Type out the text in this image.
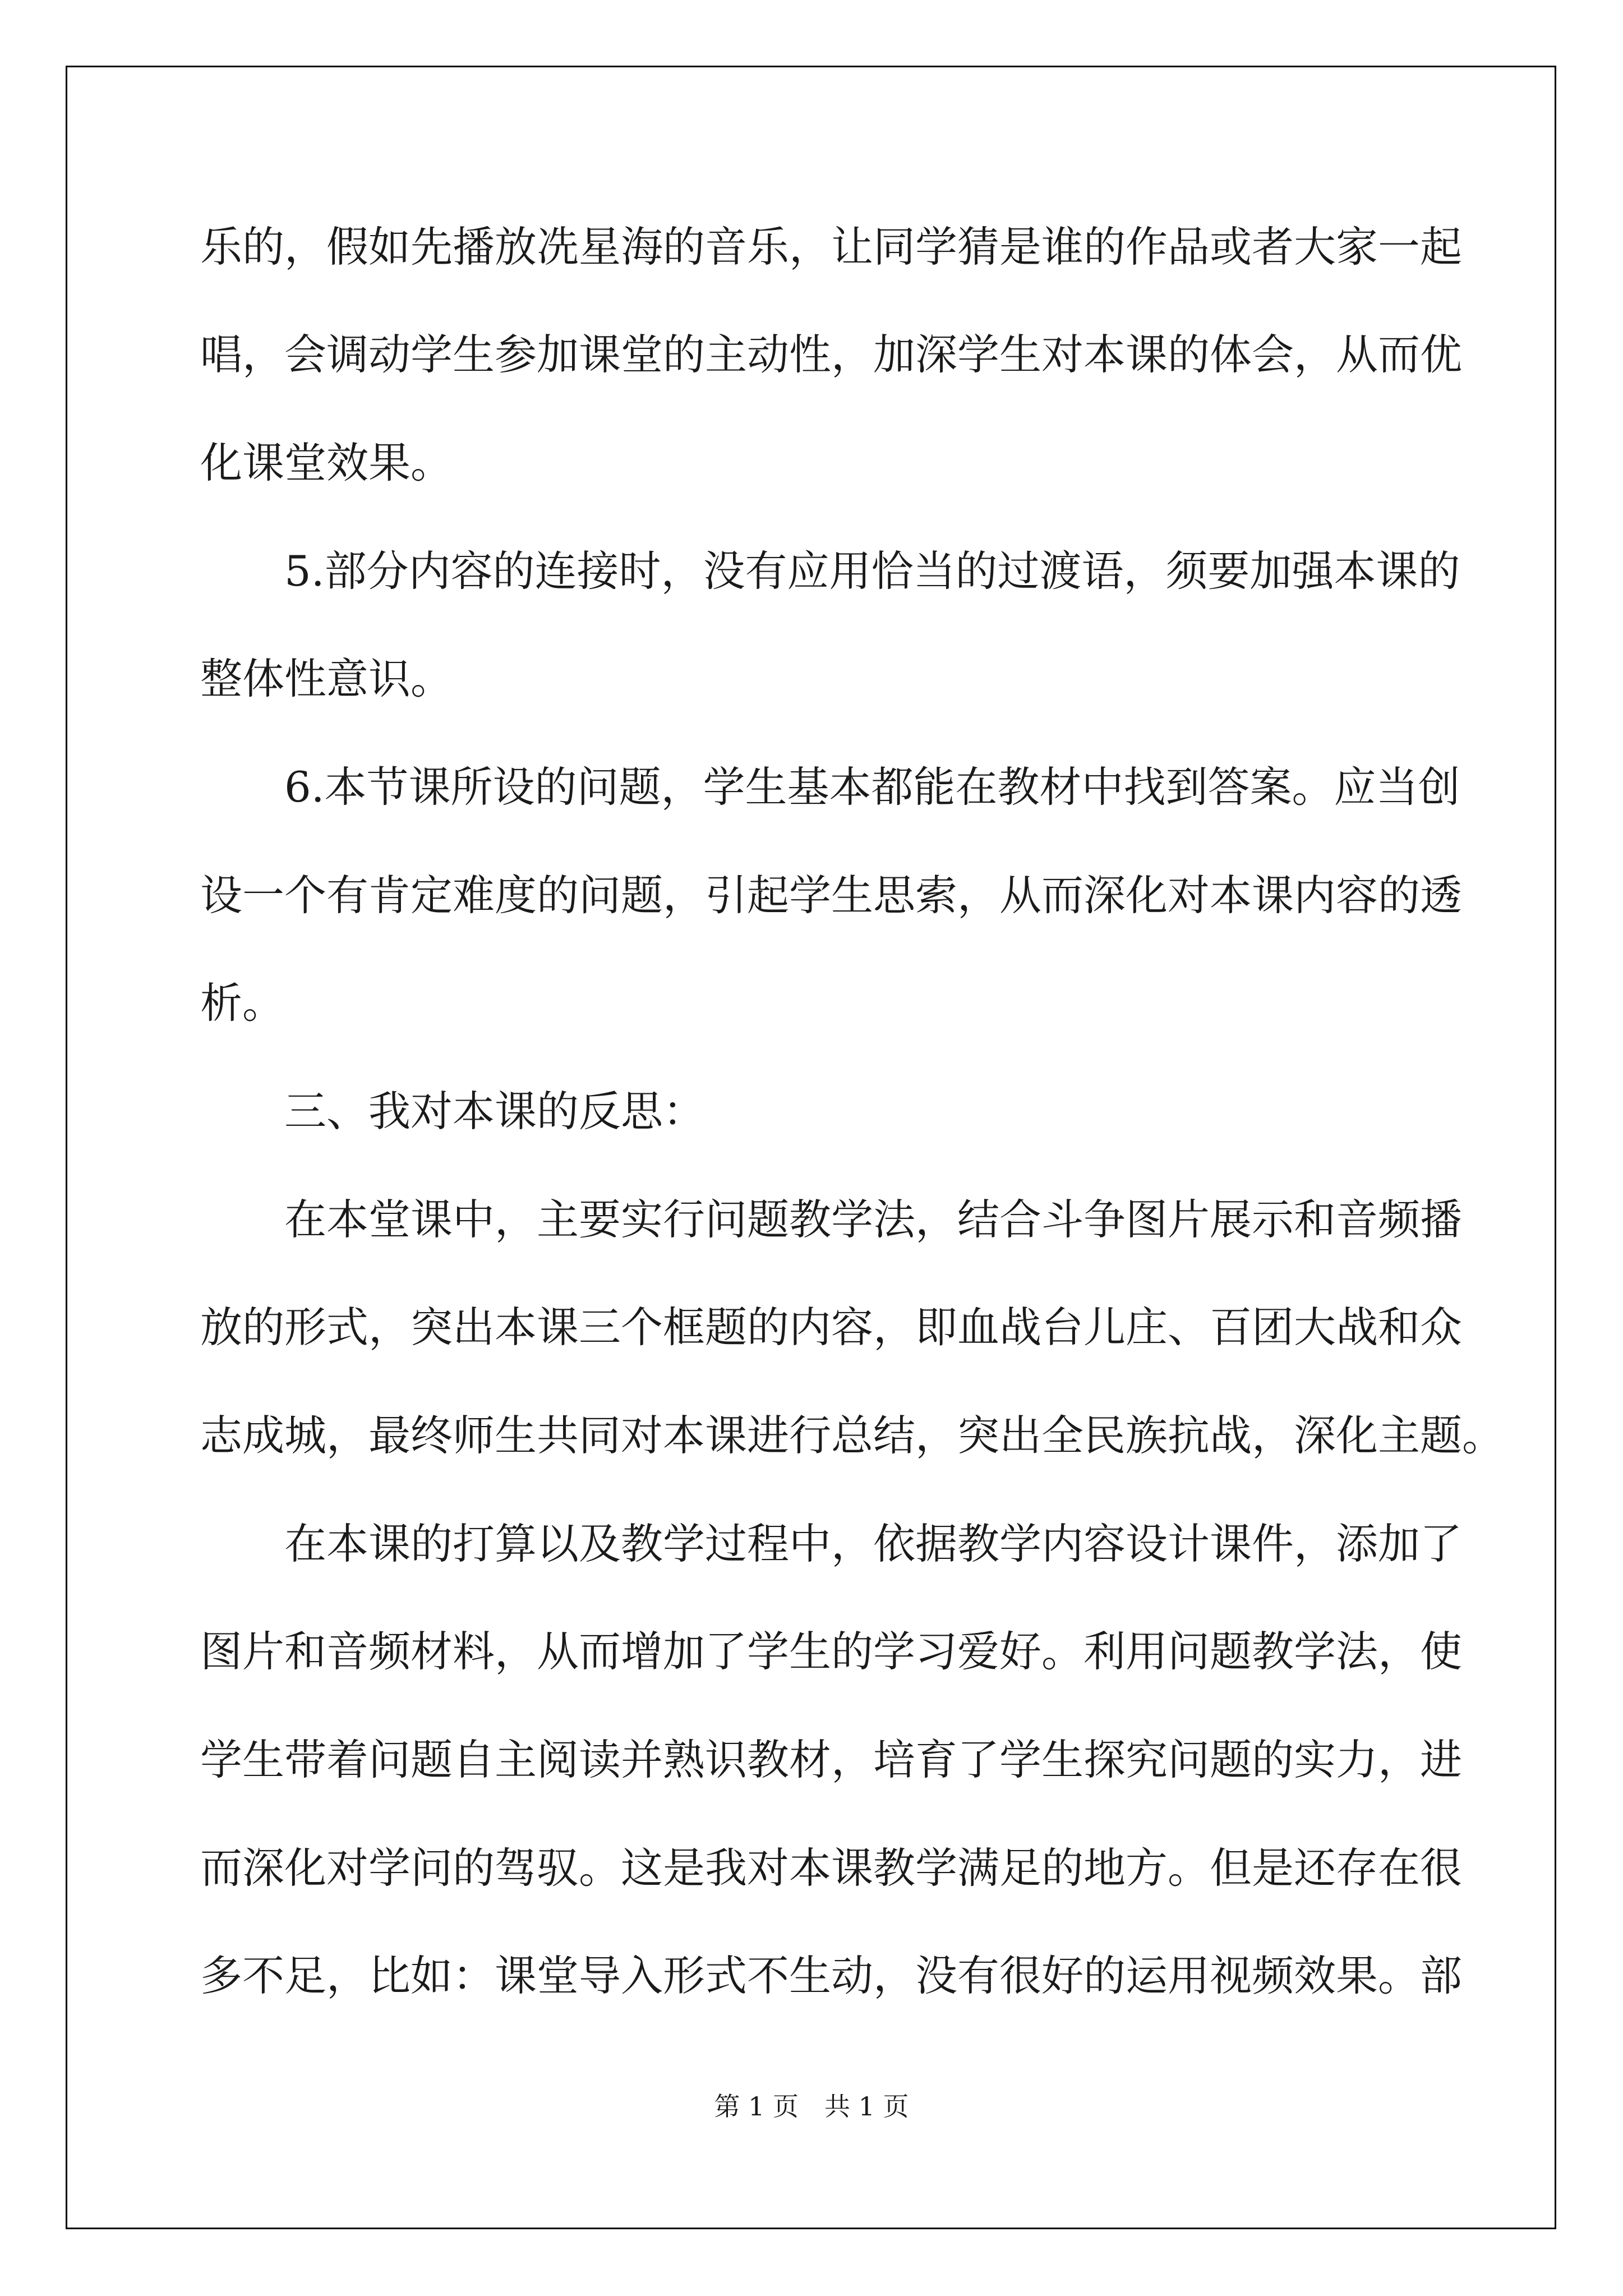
乐的，假如先播放冼星海的音乐，让同学猜是谁的作品或者大家一起
唱，会调动学生参加课堂的主动性，加深学生对本课的体会，从而优
化课堂效果。
　　5.部分内容的连接时，没有应用恰当的过渡语，须要加强本课的
整体性意识。
　　6.本节课所设的问题，学生基本都能在教材中找到答案。应当创
设一个有肯定难度的问题，引起学生思索，从而深化对本课内容的透
析。
　　三、我对本课的反思：
　　在本堂课中，主要实行问题教学法，结合斗争图片展示和音频播
放的形式，突出本课三个框题的内容，即血战台儿庄、百团大战和众
志成城，最终师生共同对本课进行总结，突出全民族抗战，深化主题。
　　在本课的打算以及教学过程中，依据教学内容设计课件，添加了
图片和音频材料，从而增加了学生的学习爱好。利用问题教学法，使
学生带着问题自主阅读并熟识教材，培育了学生探究问题的实力，进
而深化对学问的驾驭。这是我对本课教学满足的地方。但是还存在很
多不足，比如：课堂导入形式不生动，没有很好的运用视频效果。部
第 1 页　共 1 页
